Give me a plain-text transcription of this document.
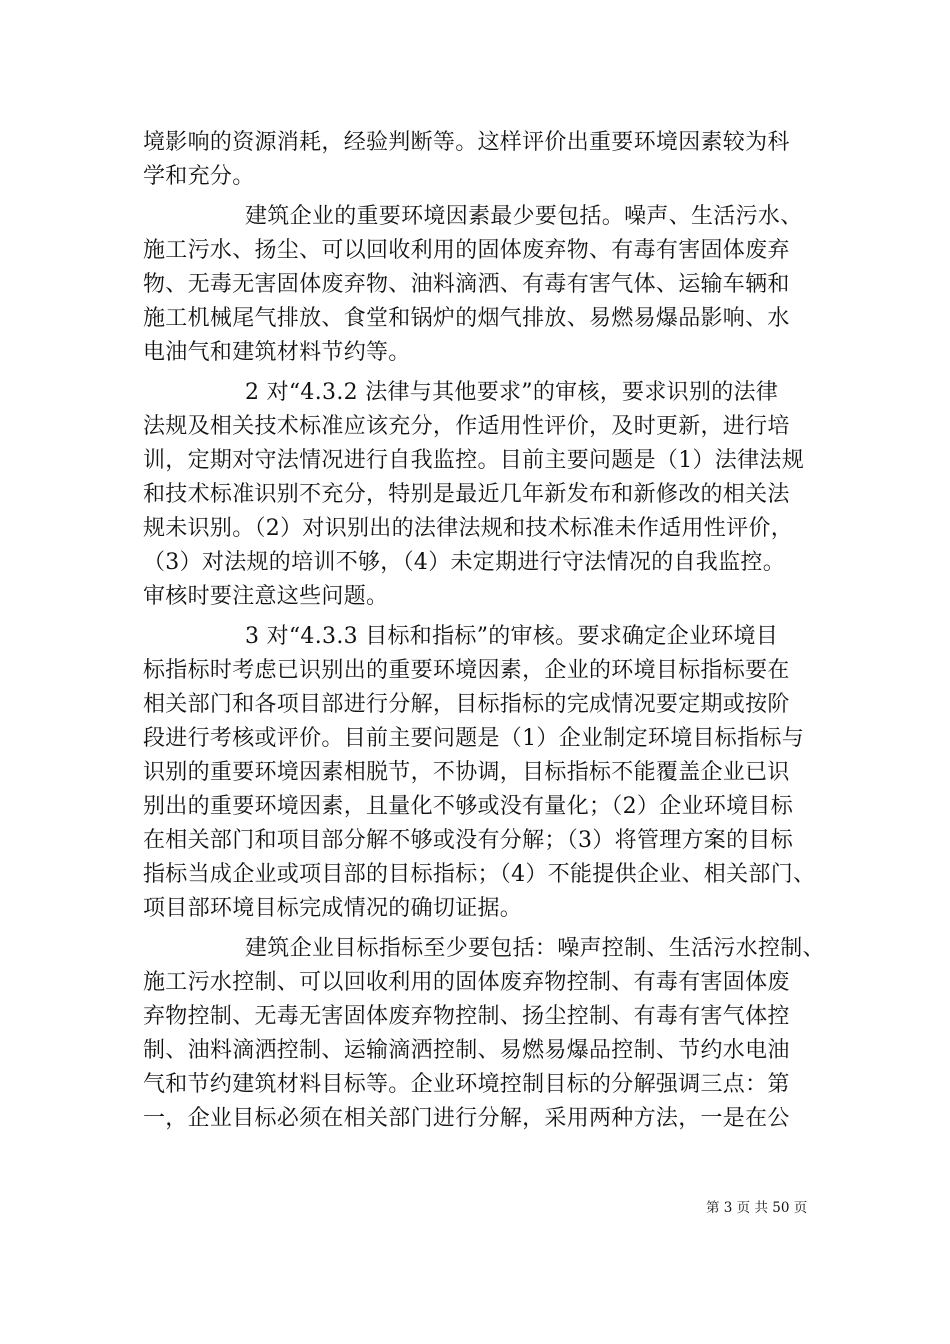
境影响的资源消耗，经验判断等。这样评价出重要环境因素较为科
学和充分。
建筑企业的重要环境因素最少要包括。噪声、生活污水、
施工污水、扬尘、可以回收利用的固体废弃物、有毒有害固体废弃
物、无毒无害固体废弃物、油料滴洒、有毒有害气体、运输车辆和
施工机械尾气排放、食堂和锅炉的烟气排放、易燃易爆品影响、水
电油气和建筑材料节约等。
2 对“4.3.2 法律与其他要求”的审核，要求识别的法律
法规及相关技术标准应该充分，作适用性评价，及时更新，进行培
训，定期对守法情况进行自我监控。目前主要问题是（1）法律法规
和技术标准识别不充分，特别是最近几年新发布和新修改的相关法
规未识别。（2）对识别出的法律法规和技术标准未作适用性评价，
（3）对法规的培训不够，（4）未定期进行守法情况的自我监控。
审核时要注意这些问题。
3 对“4.3.3 目标和指标”的审核。要求确定企业环境目
标指标时考虑已识别出的重要环境因素，企业的环境目标指标要在
相关部门和各项目部进行分解，目标指标的完成情况要定期或按阶
段进行考核或评价。目前主要问题是（1）企业制定环境目标指标与
识别的重要环境因素相脱节，不协调，目标指标不能覆盖企业已识
别出的重要环境因素，且量化不够或没有量化；（2）企业环境目标
在相关部门和项目部分解不够或没有分解；（3）将管理方案的目标
指标当成企业或项目部的目标指标；（4）不能提供企业、相关部门、
项目部环境目标完成情况的确切证据。
建筑企业目标指标至少要包括：噪声控制、生活污水控制、
施工污水控制、可以回收利用的固体废弃物控制、有毒有害固体废
弃物控制、无毒无害固体废弃物控制、扬尘控制、有毒有害气体控
制、油料滴洒控制、运输滴洒控制、易燃易爆品控制、节约水电油
气和节约建筑材料目标等。企业环境控制目标的分解强调三点：第
一，企业目标必须在相关部门进行分解，采用两种方法，一是在公
第 3 页 共 50 页
